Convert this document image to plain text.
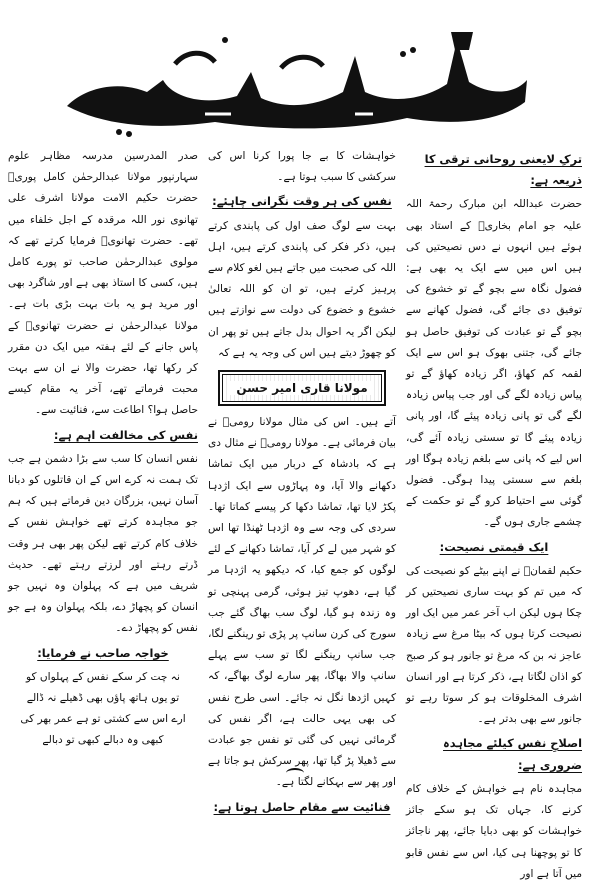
ترکِ لایعنی روحانی ترقی کا ذریعہ ہے:

حضرت عبداللہ ابن مبارک رحمۃ اللہ علیہ جو امام بخاریؒ کے استاد بھی ہوئے ہیں انہوں نے دس نصیحتیں کی ہیں اس میں سے ایک یہ بھی ہے: فضول نگاہ سے بچو گے تو خشوع کی توفیق دی جائے گی، فضول کھانے سے بچو گے تو عبادت کی توفیق حاصل ہو جائے گی، جتنی بھوک ہو اس سے ایک لقمہ کم کھاؤ، اگر زیادہ کھاؤ گے تو پیاس زیادہ لگے گی اور جب پیاس زیادہ لگے گی تو پانی زیادہ پیئے گا، اور پانی زیادہ پیئے گا تو سستی زیادہ آئے گی، اس لیے کہ پانی سے بلغم زیادہ ہوگا اور بلغم سے سستی پیدا ہوگی۔ فضول گوئی سے احتیاط کرو گے تو حکمت کے چشمے جاری ہوں گے۔

ایک قیمتی نصیحت:

حکیم لقمانؒ نے اپنے بیٹے کو نصیحت کی کہ میں تم کو بہت ساری نصیحتیں کر چکا ہوں لیکن اب آخر عمر میں ایک اور نصیحت کرتا ہوں کہ بیٹا مرغ سے زیادہ عاجز نہ بن کہ مرغ تو جانور ہو کر صبح کو اذان لگاتا ہے، ذکر کرتا ہے اور انسان اشرف المخلوقات ہو کر سوتا رہے تو جانور سے بھی بدتر ہے۔

اصلاحِ نفس کیلئے مجاہدہ ضروری ہے:

مجاہدہ نام ہے خواہش کے خلاف کام کرنے کا، جہاں تک ہو سکے جائز خواہشات کو بھی دبایا جائے، پھر ناجائز کا تو پوچھنا ہی کیا، اس سے نفس قابو میں آتا ہے اور

خواہشات کا بے جا پورا کرنا اس کی سرکشی کا سبب ہوتا ہے۔

نفس کی ہر وقت نگرانی چاہئے:

بہت سے لوگ صف اول کی پابندی کرتے ہیں، ذکر فکر کی پابندی کرتے ہیں، اہل اللہ کی صحبت میں جاتے ہیں لغو کلام سے پرہیز کرتے ہیں، تو ان کو اللہ تعالیٰ خشوع و خضوع کی دولت سے نوازتے ہیں لیکن اگر یہ احوال بدل جاتے ہیں تو پھر ان کو چھوڑ دیتے ہیں اس کی وجہ یہ ہے کہ

مولانا قاری امیر حسن

آتے ہیں۔ اس کی مثال مولانا رومیؒ نے بیان فرمائی ہے۔ مولانا رومیؒ نے مثال دی ہے کہ بادشاہ کے دربار میں ایک تماشا دکھانے والا آیا، وہ پہاڑوں سے ایک اژدہا پکڑ لایا تھا، تماشا دکھا کر پیسے کماتا تھا۔ سردی کی وجہ سے وہ اژدہا ٹھنڈا تھا اس کو شہر میں لے کر آیا، تماشا دکھانے کے لئے لوگوں کو جمع کیا، کہ دیکھو یہ اژدہا مر گیا ہے، دھوپ تیز ہوئی، گرمی پہنچی تو وہ زندہ ہو گیا، لوگ سب بھاگ گئے جب سورج کی کرن سانپ پر پڑی تو رینگنے لگا، جب سانپ رینگنے لگا تو سب سے پہلے سانپ والا بھاگا، پھر سارے لوگ بھاگے، کہ کہیں اژدھا نگل نہ جائے۔ اسی طرح نفس کی بھی یہی حالت ہے، اگر نفس کی گرمائی نہیں کی گئی تو نفس جو عبادت سے ڈھیلا پڑ گیا تھا، پھر سرکش ہو جاتا ہے اور پھر سے بہکانے لگتا ہے۔

فنائیت سے مقام حاصل ہوتا ہے:

صدر المدرسین مدرسہ مظاہر علوم سہارنپور مولانا عبدالرحمٰن کامل پوریؒ حضرت حکیم الامت مولانا اشرف علی تھانوی نور اللہ مرقدہ کے اجل خلفاء میں تھے۔ حضرت تھانویؒ فرمایا کرتے تھے کہ مولوی عبدالرحمٰن صاحب تو پورے کامل ہیں، کسی کا استاذ بھی ہے اور شاگرد بھی اور مرید ہو یہ بات بہت بڑی بات ہے۔ مولانا عبدالرحمٰن نے حضرت تھانویؒ کے پاس جانے کے لئے ہفتہ میں ایک دن مقرر کر رکھا تھا، حضرت والا نے ان سے بہت محبت فرماتے تھے، آخر یہ مقام کیسے حاصل ہوا؟ اطاعت سے، فنائیت سے۔

نفس کی مخالفت اہم ہے:

نفس انسان کا سب سے بڑا دشمن ہے جب تک ہمت نہ کرے اس کے ان قاتلوں کو دبانا آسان نہیں، بزرگان دین فرماتے ہیں کہ ہم جو مجاہدہ کرتے تھے خواہش نفس کے خلاف کام کرتے تھے لیکن پھر بھی ہر وقت ڈرتے رہتے اور لرزتے رہتے تھے۔ حدیث شریف میں ہے کہ پہلوان وہ نہیں جو انسان کو پچھاڑ دے، بلکہ پہلوان وہ ہے جو نفس کو پچھاڑ دے۔

خواجہ صاحب نے فرمایا:
نہ چت کر سکے نفس کے پہلواں کو
تو یوں ہاتھ پاؤں بھی ڈھیلے نہ ڈالے
ارے اس سے کشتی تو ہے عمر بھر کی
کبھی وہ دبالے کبھی تو دبالے
